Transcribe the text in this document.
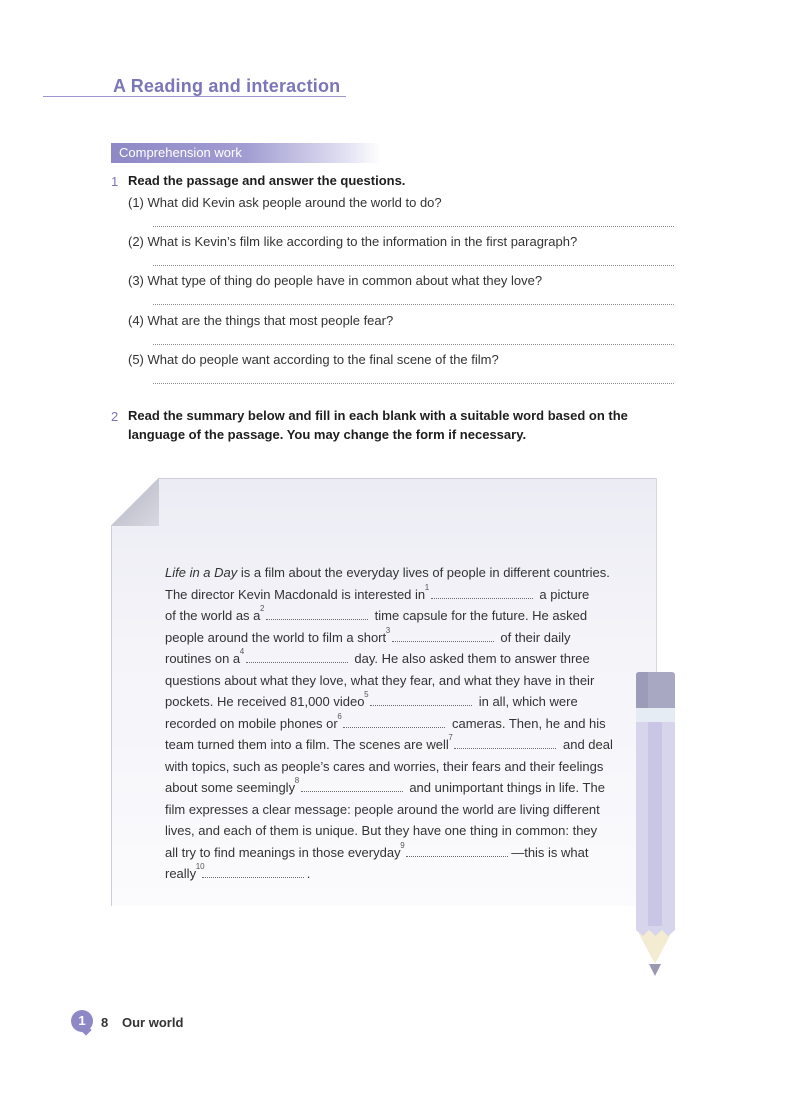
A Reading and interaction
Comprehension work
1 Read the passage and answer the questions.
(1) What did Kevin ask people around the world to do?
(2) What is Kevin’s film like according to the information in the first paragraph?
(3) What type of thing do people have in common about what they love?
(4) What are the things that most people fear?
(5) What do people want according to the final scene of the film?
2 Read the summary below and fill in each blank with a suitable word based on the
language of the passage. You may change the form if necessary.

Life in a Day is a film about the everyday lives of people in different countries.

The director Kevin Macdonald is interested in 1	a picture

of the world as a 2	time capsule for the future. He asked

people around the world to film a short 3	of their daily

routines on a 4	day. He also asked them to answer three

questions about what they love, what they fear, and what they have in their

pockets. He received 81,000 video 5	in all, which were

recorded on mobile phones or 6	cameras. Then, he and his

team turned them into a film. The scenes are well 7	and deal

with topics, such as people’s cares and worries, their fears and their feelings

about some seemingly 8	and unimportant things in life. The

film expresses a clear message: people around the world are living different

lives, and each of them is unique. But they have one thing in common: they

all try to find meanings in those everyday 9	—this is what

really 10	.

1	8 Our world
